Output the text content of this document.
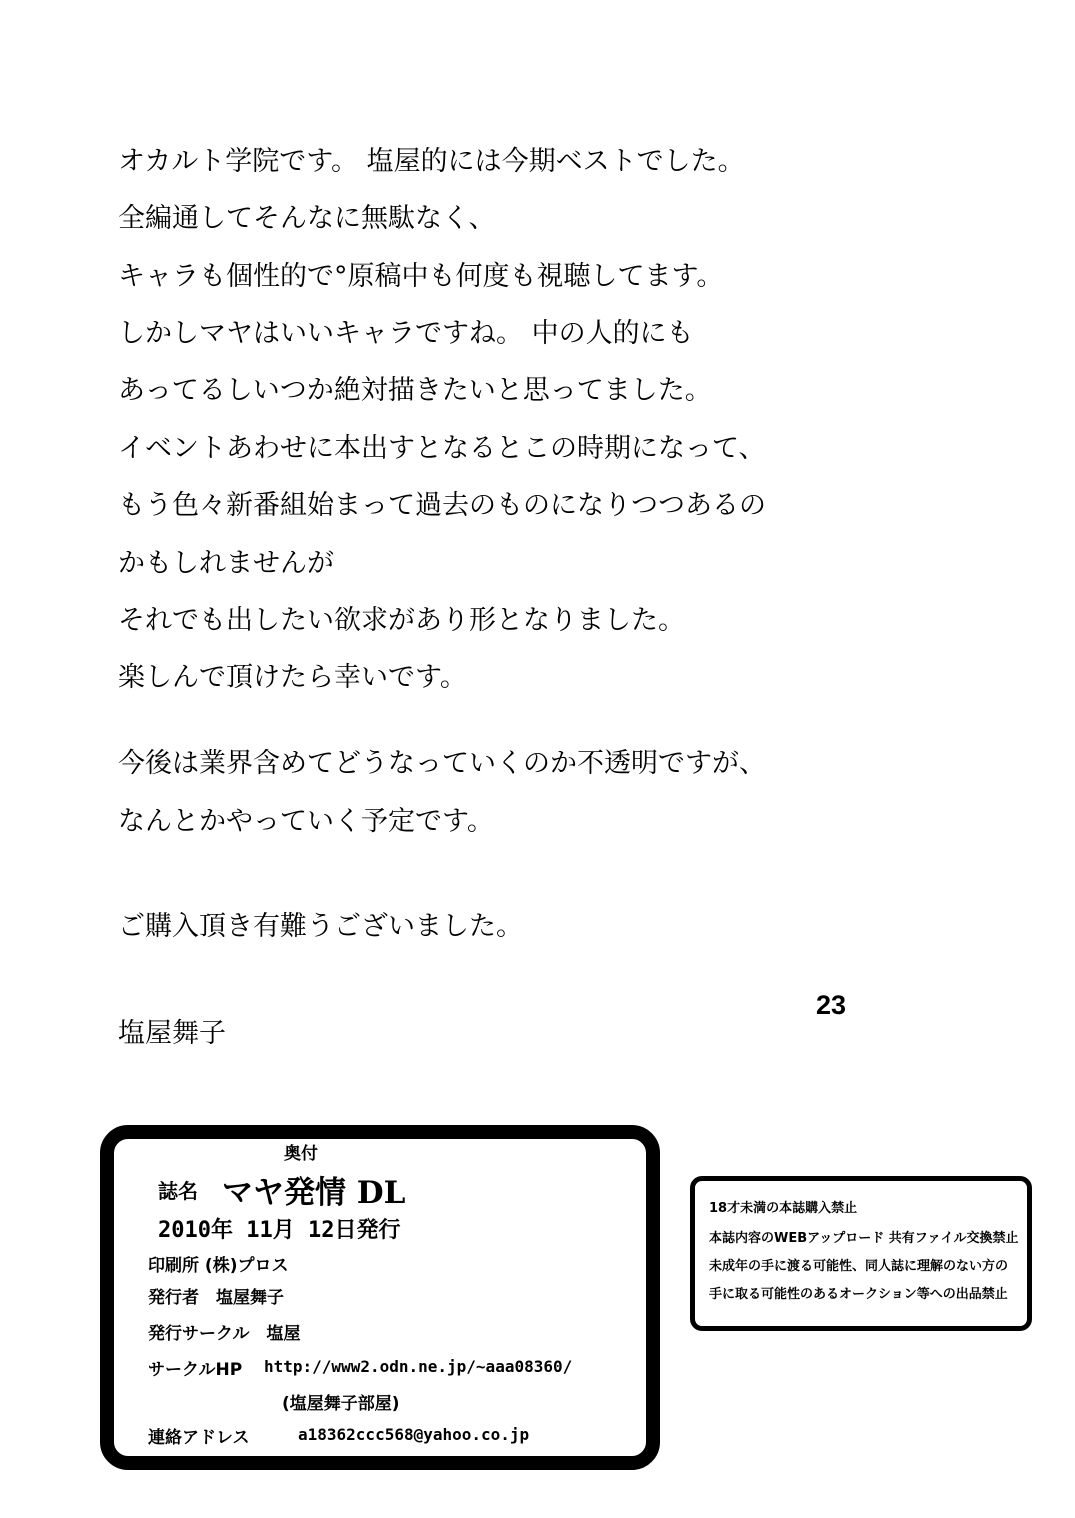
オカルト学院です。 塩屋的には今期ベストでした。
全編通してそんなに無駄なく、
キャラも個性的で°原稿中も何度も視聴してます。
しかしマヤはいいキャラですね。 中の人的にも
あってるしいつか絶対描きたいと思ってました。
イベントあわせに本出すとなるとこの時期になって、
もう色々新番組始まって過去のものになりつつあるの
かもしれませんが
それでも出したい欲求があり形となりました。
楽しんで頂けたら幸いです。
今後は業界含めてどうなっていくのか不透明ですが、
なんとかやっていく予定です。
ご購入頂き有難うございました。
塩屋舞子
23
奥付
誌名 マヤ発情 DL
2010年 11月 12日発行
印刷所 (株)プロス
発行者　塩屋舞子
発行サークル　塩屋
サークルHP http://www2.odn.ne.jp/~aaa08360/
(塩屋舞子部屋)
連絡アドレス	a18362ccc568@yahoo.co.jp
18才未満の本誌購入禁止
本誌内容のWEBアップロード 共有ファイル交換禁止
未成年の手に渡る可能性、同人誌に理解のない方の
手に取る可能性のあるオークション等への出品禁止
